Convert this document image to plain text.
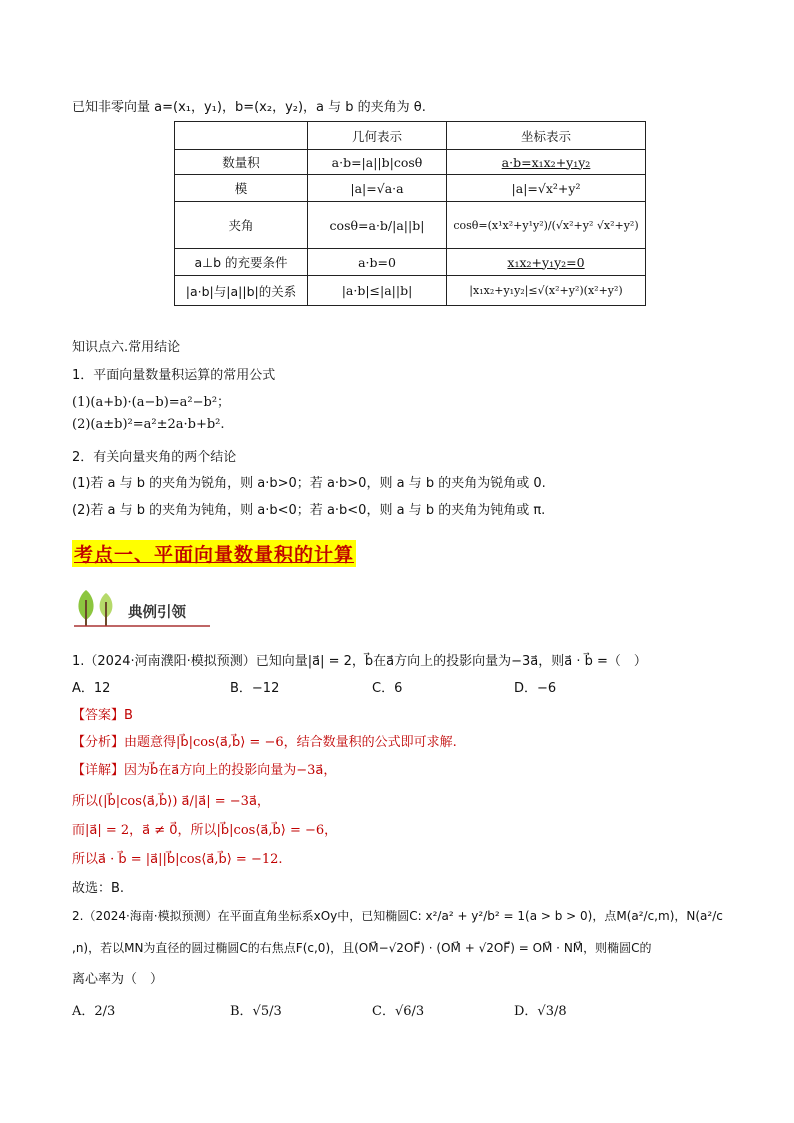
已知非零向量 a=(x₁，y₁)，b=(x₂，y₂)，a 与 b 的夹角为 θ.
	几何表示	坐标表示
数量积	a·b=|a||b|cosθ	a·b=x₁x₂+y₁y₂
模	|a|=√a·a	|a|=√x²+y²
夹角	cosθ=a·b/|a||b|	cosθ=(x¹x²+y¹y²)/(√x²+y² √x²+y²)
a⊥b 的充要条件	a·b=0	x₁x₂+y₁y₂=0
|a·b|与|a||b|的关系	|a·b|≤|a||b|	|x₁x₂+y₁y₂|≤√(x²+y²)(x²+y²)
知识点六.常用结论
1．平面向量数量积运算的常用公式
(1)(a+b)·(a−b)=a²−b²；
(2)(a±b)²=a²±2a·b+b².
2．有关向量夹角的两个结论
(1)若 a 与 b 的夹角为锐角，则 a·b>0；若 a·b>0，则 a 与 b 的夹角为锐角或 0.
(2)若 a 与 b 的夹角为钝角，则 a·b<0；若 a·b<0，则 a 与 b 的夹角为钝角或 π.
考点一、平面向量数量积的计算
典例引领
1.（2024·河南濮阳·模拟预测）已知向量|a⃗| = 2，b⃗在a⃗方向上的投影向量为−3a⃗，则a⃗ · b⃗ =（　）
A．12	B．−12	C．6	D．−6
【答案】B
【分析】由题意得|b⃗|cos⟨a⃗,b⃗⟩ = −6，结合数量积的公式即可求解.
【详解】因为b⃗在a⃗方向上的投影向量为−3a⃗，
所以(|b⃗|cos⟨a⃗,b⃗⟩) a⃗/|a⃗| = −3a⃗，
而|a⃗| = 2，a⃗ ≠ 0⃗，所以|b⃗|cos⟨a⃗,b⃗⟩ = −6，
所以a⃗ · b⃗ = |a⃗||b⃗|cos⟨a⃗,b⃗⟩ = −12.
故选：B.
2.（2024·海南·模拟预测）在平面直角坐标系xOy中，已知椭圆C: x²/a² + y²/b² = 1(a > b > 0)，点M(a²/c,m)，N(a²/c
,n)，若以MN为直径的圆过椭圆C的右焦点F(c,0)，且(OM⃗−√2OF⃗) · (OM⃗ + √2OF⃗) = OM⃗ · NM⃗，则椭圆C的
离心率为（　）
A．2/3	B．√5/3	C．√6/3	D．√3/8
